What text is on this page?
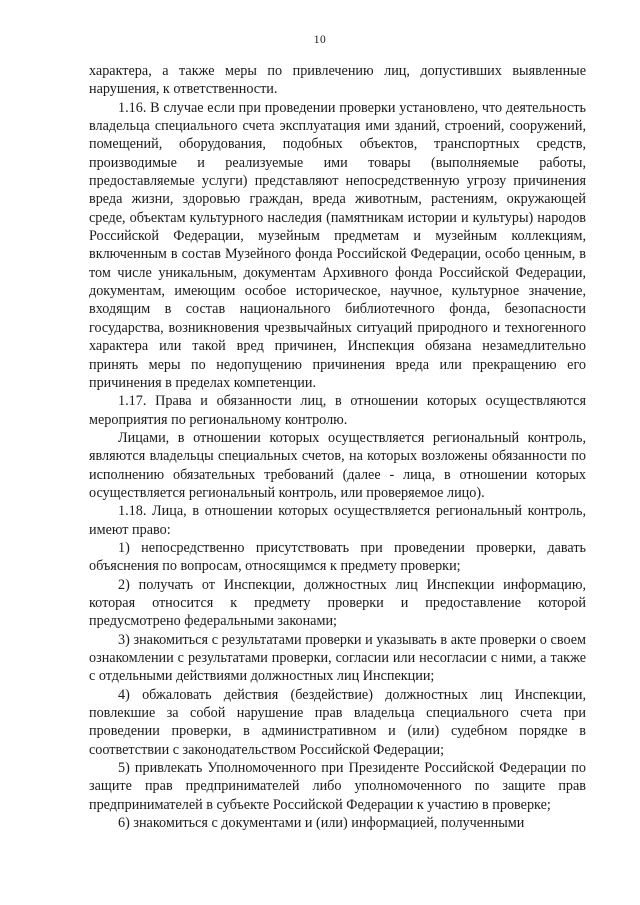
10

характера, а также меры по привлечению лиц, допустивших выявленные нарушения, к ответственности.

1.16. В случае если при проведении проверки установлено, что деятельность владельца специального счета эксплуатация ими зданий, строений, сооружений, помещений, оборудования, подобных объектов, транспортных средств, производимые и реализуемые ими товары (выполняемые работы, предоставляемые услуги) представляют непосредственную угрозу причинения вреда жизни, здоровью граждан, вреда животным, растениям, окружающей среде, объектам культурного наследия (памятникам истории и культуры) народов Российской Федерации, музейным предметам и музейным коллекциям, включенным в состав Музейного фонда Российской Федерации, особо ценным, в том числе уникальным, документам Архивного фонда Российской Федерации, документам, имеющим особое историческое, научное, культурное значение, входящим в состав национального библиотечного фонда, безопасности государства, возникновения чрезвычайных ситуаций природного и техногенного характера или такой вред причинен, Инспекция обязана незамедлительно принять меры по недопущению причинения вреда или прекращению его причинения в пределах компетенции.

1.17. Права и обязанности лиц, в отношении которых осуществляются мероприятия по региональному контролю.

Лицами, в отношении которых осуществляется региональный контроль, являются владельцы специальных счетов, на которых возложены обязанности по исполнению обязательных требований (далее - лица, в отношении которых осуществляется региональный контроль, или проверяемое лицо).

1.18. Лица, в отношении которых осуществляется региональный контроль, имеют право:

1) непосредственно присутствовать при проведении проверки, давать объяснения по вопросам, относящимся к предмету проверки;

2) получать от Инспекции, должностных лиц Инспекции информацию, которая относится к предмету проверки и предоставление которой предусмотрено федеральными законами;

3) знакомиться с результатами проверки и указывать в акте проверки о своем ознакомлении с результатами проверки, согласии или несогласии с ними, а также с отдельными действиями должностных лиц Инспекции;

4) обжаловать действия (бездействие) должностных лиц Инспекции, повлекшие за собой нарушение прав владельца специального счета при проведении проверки, в административном и (или) судебном порядке в соответствии с законодательством Российской Федерации;

5) привлекать Уполномоченного при Президенте Российской Федерации по защите прав предпринимателей либо уполномоченного по защите прав предпринимателей в субъекте Российской Федерации к участию в проверке;

6) знакомиться с документами и (или) информацией, полученными
